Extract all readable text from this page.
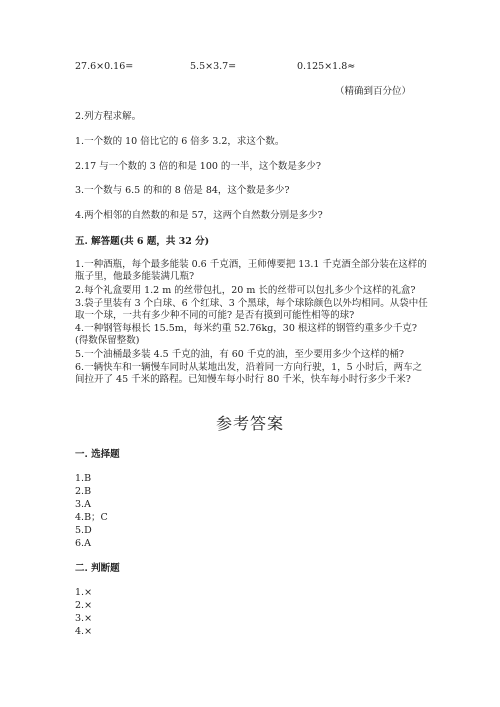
27.6×0.16=	5.5×3.7=	0.125×1.8≈
（精确到百分位）
2.列方程求解。
1.一个数的 10 倍比它的 6 倍多 3.2，求这个数。
2.17 与一个数的 3 倍的和是 100 的一半，这个数是多少?
3.一个数与 6.5 的和的 8 倍是 84，这个数是多少?
4.两个相邻的自然数的和是 57，这两个自然数分别是多少?
五. 解答题(共 6 题，共 32 分)
1.一种酒瓶，每个最多能装 0.6 千克酒，王师傅要把 13.1 千克酒全部分装在这样的瓶子里，他最多能装满几瓶?
2.每个礼盒要用 1.2 m 的丝带包扎，20 m 长的丝带可以包扎多少个这样的礼盒?
3.袋子里装有 3 个白球、6 个红球、3 个黑球，每个球除颜色以外均相同。从袋中任取一个球，一共有多少种不同的可能? 是否有摸到可能性相等的球?
4.一种钢管每根长 15.5m，每米约重 52.76kg，30 根这样的钢管约重多少千克? (得数保留整数)
5.一个油桶最多装 4.5 千克的油，有 60 千克的油，至少要用多少个这样的桶?
6.一辆快车和一辆慢车同时从某地出发，沿着同一方向行驶，1，5 小时后，两车之间拉开了 45 千米的路程。已知慢车每小时行 80 千米，快车每小时行多少千米?
参考答案
一. 选择题
1.B
2.B
3.A
4.B；C
5.D
6.A
二. 判断题
1.×
2.×
3.×
4.×
